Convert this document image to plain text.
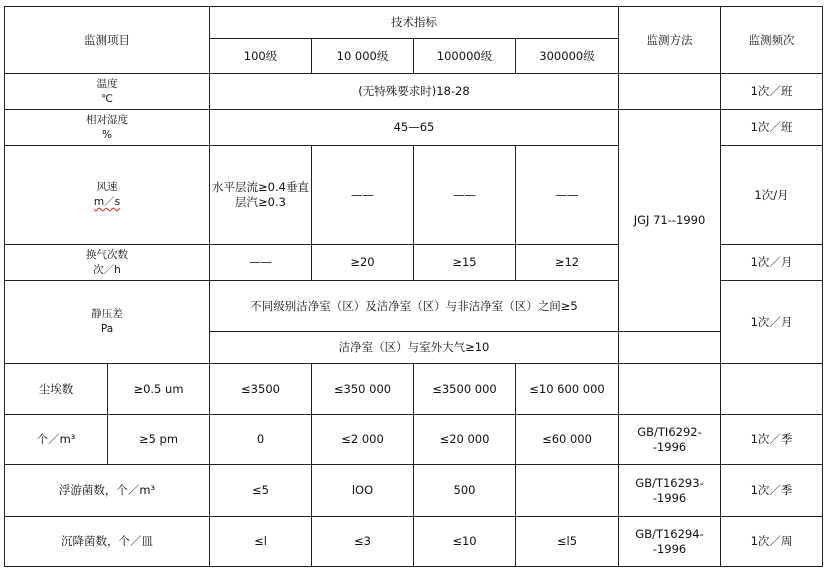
监测项目		技术指标				监测方法	监测频次
		100级	10 000级	100000级	300000级		

温度
℃		(无特殊要求时)18-28					1次／班

相对湿度
%		45—65				JGJ 71--1990	1次／班

风速
m／s		水平层流≥0.4垂直层汽≥0.3	——	——	——		1次/月

换气次数
次／h		——	≥20	≥15	≥12		1次／月

静压差
Pa		不同级别洁净室（区）及洁净室（区）与非洁净室（区）之间≥5					1次／月
		洁净室（区）与室外大气≥10					
尘埃数	≥0.5 um	≤3500	≤350 000	≤3500 000	≤10 600 000		
个／m³	≥5 pm	0	≤2 000	≤20 000	≤60 000	GB/TI6292--1996	1次／季
浮游菌数，个／m³		≤5	lOO	500		GB/T16293--1996	1次／季
沉降菌数，个／皿		≤l	≤3	≤10	≤l5	GB/T16294--1996	1次／周
